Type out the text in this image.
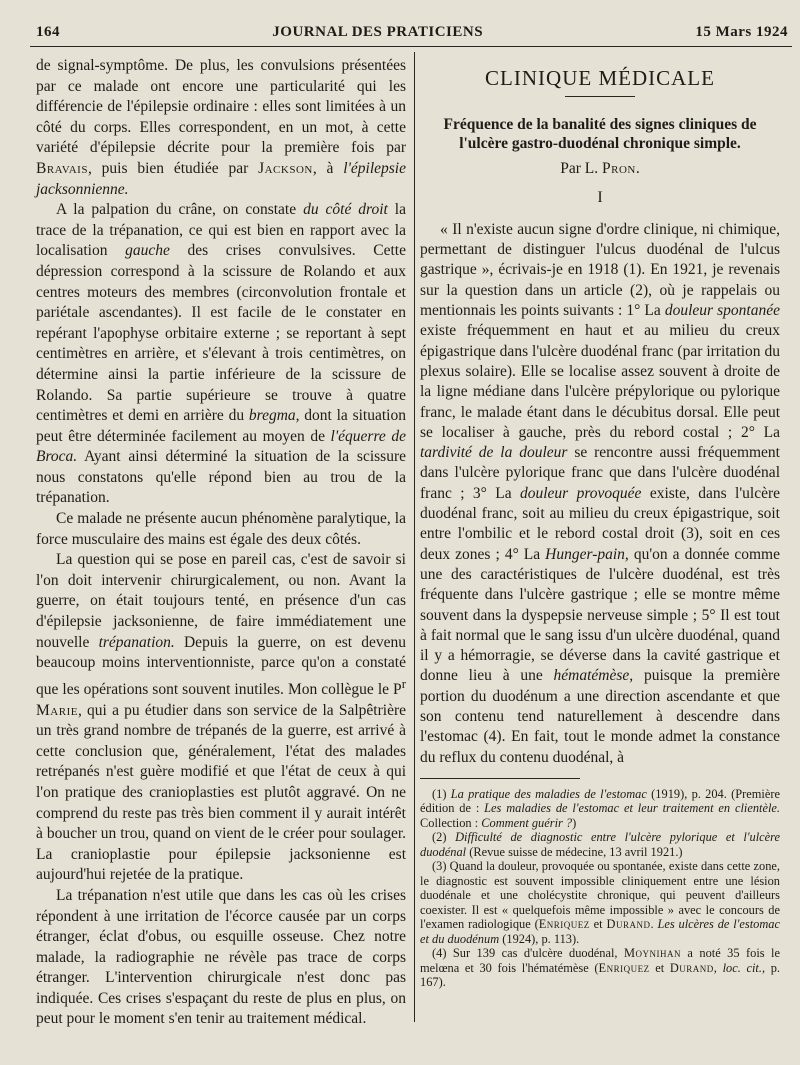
164	JOURNAL DES PRATICIENS	15 Mars 1924

de signal-symptôme. De plus, les convulsions présentées par ce malade ont encore une particularité qui les différencie de l'épilepsie ordinaire : elles sont limitées à un côté du corps. Elles correspondent, en un mot, à cette variété d'épilepsie décrite pour la première fois par Bravais, puis bien étudiée par Jackson, à l'épilepsie jacksonnienne.

A la palpation du crâne, on constate du côté droit la trace de la trépanation, ce qui est bien en rapport avec la localisation gauche des crises convulsives. Cette dépression correspond à la scissure de Rolando et aux centres moteurs des membres (circonvolution frontale et pariétale ascendantes). Il est facile de le constater en repérant l'apophyse orbitaire externe ; se reportant à sept centimètres en arrière, et s'élevant à trois centimètres, on détermine ainsi la partie inférieure de la scissure de Rolando. Sa partie supérieure se trouve à quatre centimètres et demi en arrière du bregma, dont la situation peut être déterminée facilement au moyen de l'équerre de Broca. Ayant ainsi déterminé la situation de la scissure nous constatons qu'elle répond bien au trou de la trépanation.

Ce malade ne présente aucun phénomène paralytique, la force musculaire des mains est égale des deux côtés.

La question qui se pose en pareil cas, c'est de savoir si l'on doit intervenir chirurgicalement, ou non. Avant la guerre, on était toujours tenté, en présence d'un cas d'épilepsie jacksonienne, de faire immédiatement une nouvelle trépanation. Depuis la guerre, on est devenu beaucoup moins interventionniste, parce qu'on a constaté que les opérations sont souvent inutiles. Mon collègue le $P^r$ Marie, qui a pu étudier dans son service de la Salpêtrière un très grand nombre de trépanés de la guerre, est arrivé à cette conclusion que, généralement, l'état des malades retrépanés n'est guère modifié et que l'état de ceux à qui l'on pratique des cranioplasties est plutôt aggravé. On ne comprend du reste pas très bien comment il y aurait intérêt à boucher un trou, quand on vient de le créer pour soulager. La cranioplastie pour épilepsie jacksonienne est aujourd'hui rejetée de la pratique.

La trépanation n'est utile que dans les cas où les crises répondent à une irritation de l'écorce causée par un corps étranger, éclat d'obus, ou esquille osseuse. Chez notre malade, la radiographie ne révèle pas trace de corps étranger. L'intervention chirurgicale n'est donc pas indiquée. Ces crises s'espaçant du reste de plus en plus, on peut pour le moment s'en tenir au traitement médical.

CLINIQUE MÉDICALE
Fréquence de la banalité des signes cliniques de l'ulcère gastro-duodénal chronique simple.
Par L. Pron.
I

« Il n'existe aucun signe d'ordre clinique, ni chimique, permettant de distinguer l'ulcus duodénal de l'ulcus gastrique », écrivais-je en 1918 (1). En 1921, je revenais sur la question dans un article (2), où je rappelais ou mentionnais les points suivants : 1° La douleur spontanée existe fréquemment en haut et au milieu du creux épigastrique dans l'ulcère duodénal franc (par irritation du plexus solaire). Elle se localise assez souvent à droite de la ligne médiane dans l'ulcère prépylorique ou pylorique franc, le malade étant dans le décubitus dorsal. Elle peut se localiser à gauche, près du rebord costal ; 2° La tardivité de la douleur se rencontre aussi fréquemment dans l'ulcère pylorique franc que dans l'ulcère duodénal franc ; 3° La douleur provoquée existe, dans l'ulcère duodénal franc, soit au milieu du creux épigastrique, soit entre l'ombilic et le rebord costal droit (3), soit en ces deux zones ; 4° La Hunger-pain, qu'on a donnée comme une des caractéristiques de l'ulcère duodénal, est très fréquente dans l'ulcère gastrique ; elle se montre même souvent dans la dyspepsie nerveuse simple ; 5° Il est tout à fait normal que le sang issu d'un ulcère duodénal, quand il y a hémorragie, se déverse dans la cavité gastrique et donne lieu à une hématémèse, puisque la première portion du duodénum a une direction ascendante et que son contenu tend naturellement à descendre dans l'estomac (4). En fait, tout le monde admet la constance du reflux du contenu duodénal, à

(1) La pratique des maladies de l'estomac (1919), p. 204. (Première édition de : Les maladies de l'estomac et leur traitement en clientèle. Collection : Comment guérir ?)

(2) Difficulté de diagnostic entre l'ulcère pylorique et l'ulcère duodénal (Revue suisse de médecine, 13 avril 1921.)

(3) Quand la douleur, provoquée ou spontanée, existe dans cette zone, le diagnostic est souvent impossible cliniquement entre une lésion duodénale et une cholécystite chronique, qui peuvent d'ailleurs coexister. Il est « quelquefois même impossible » avec le concours de l'examen radiologique (Enriquez et Durand. Les ulcères de l'estomac et du duodénum (1924), p. 113).

(4) Sur 139 cas d'ulcère duodénal, Moynihan a noté 35 fois le melœna et 30 fois l'hématémèse (Enriquez et Durand, loc. cit., p. 167).
